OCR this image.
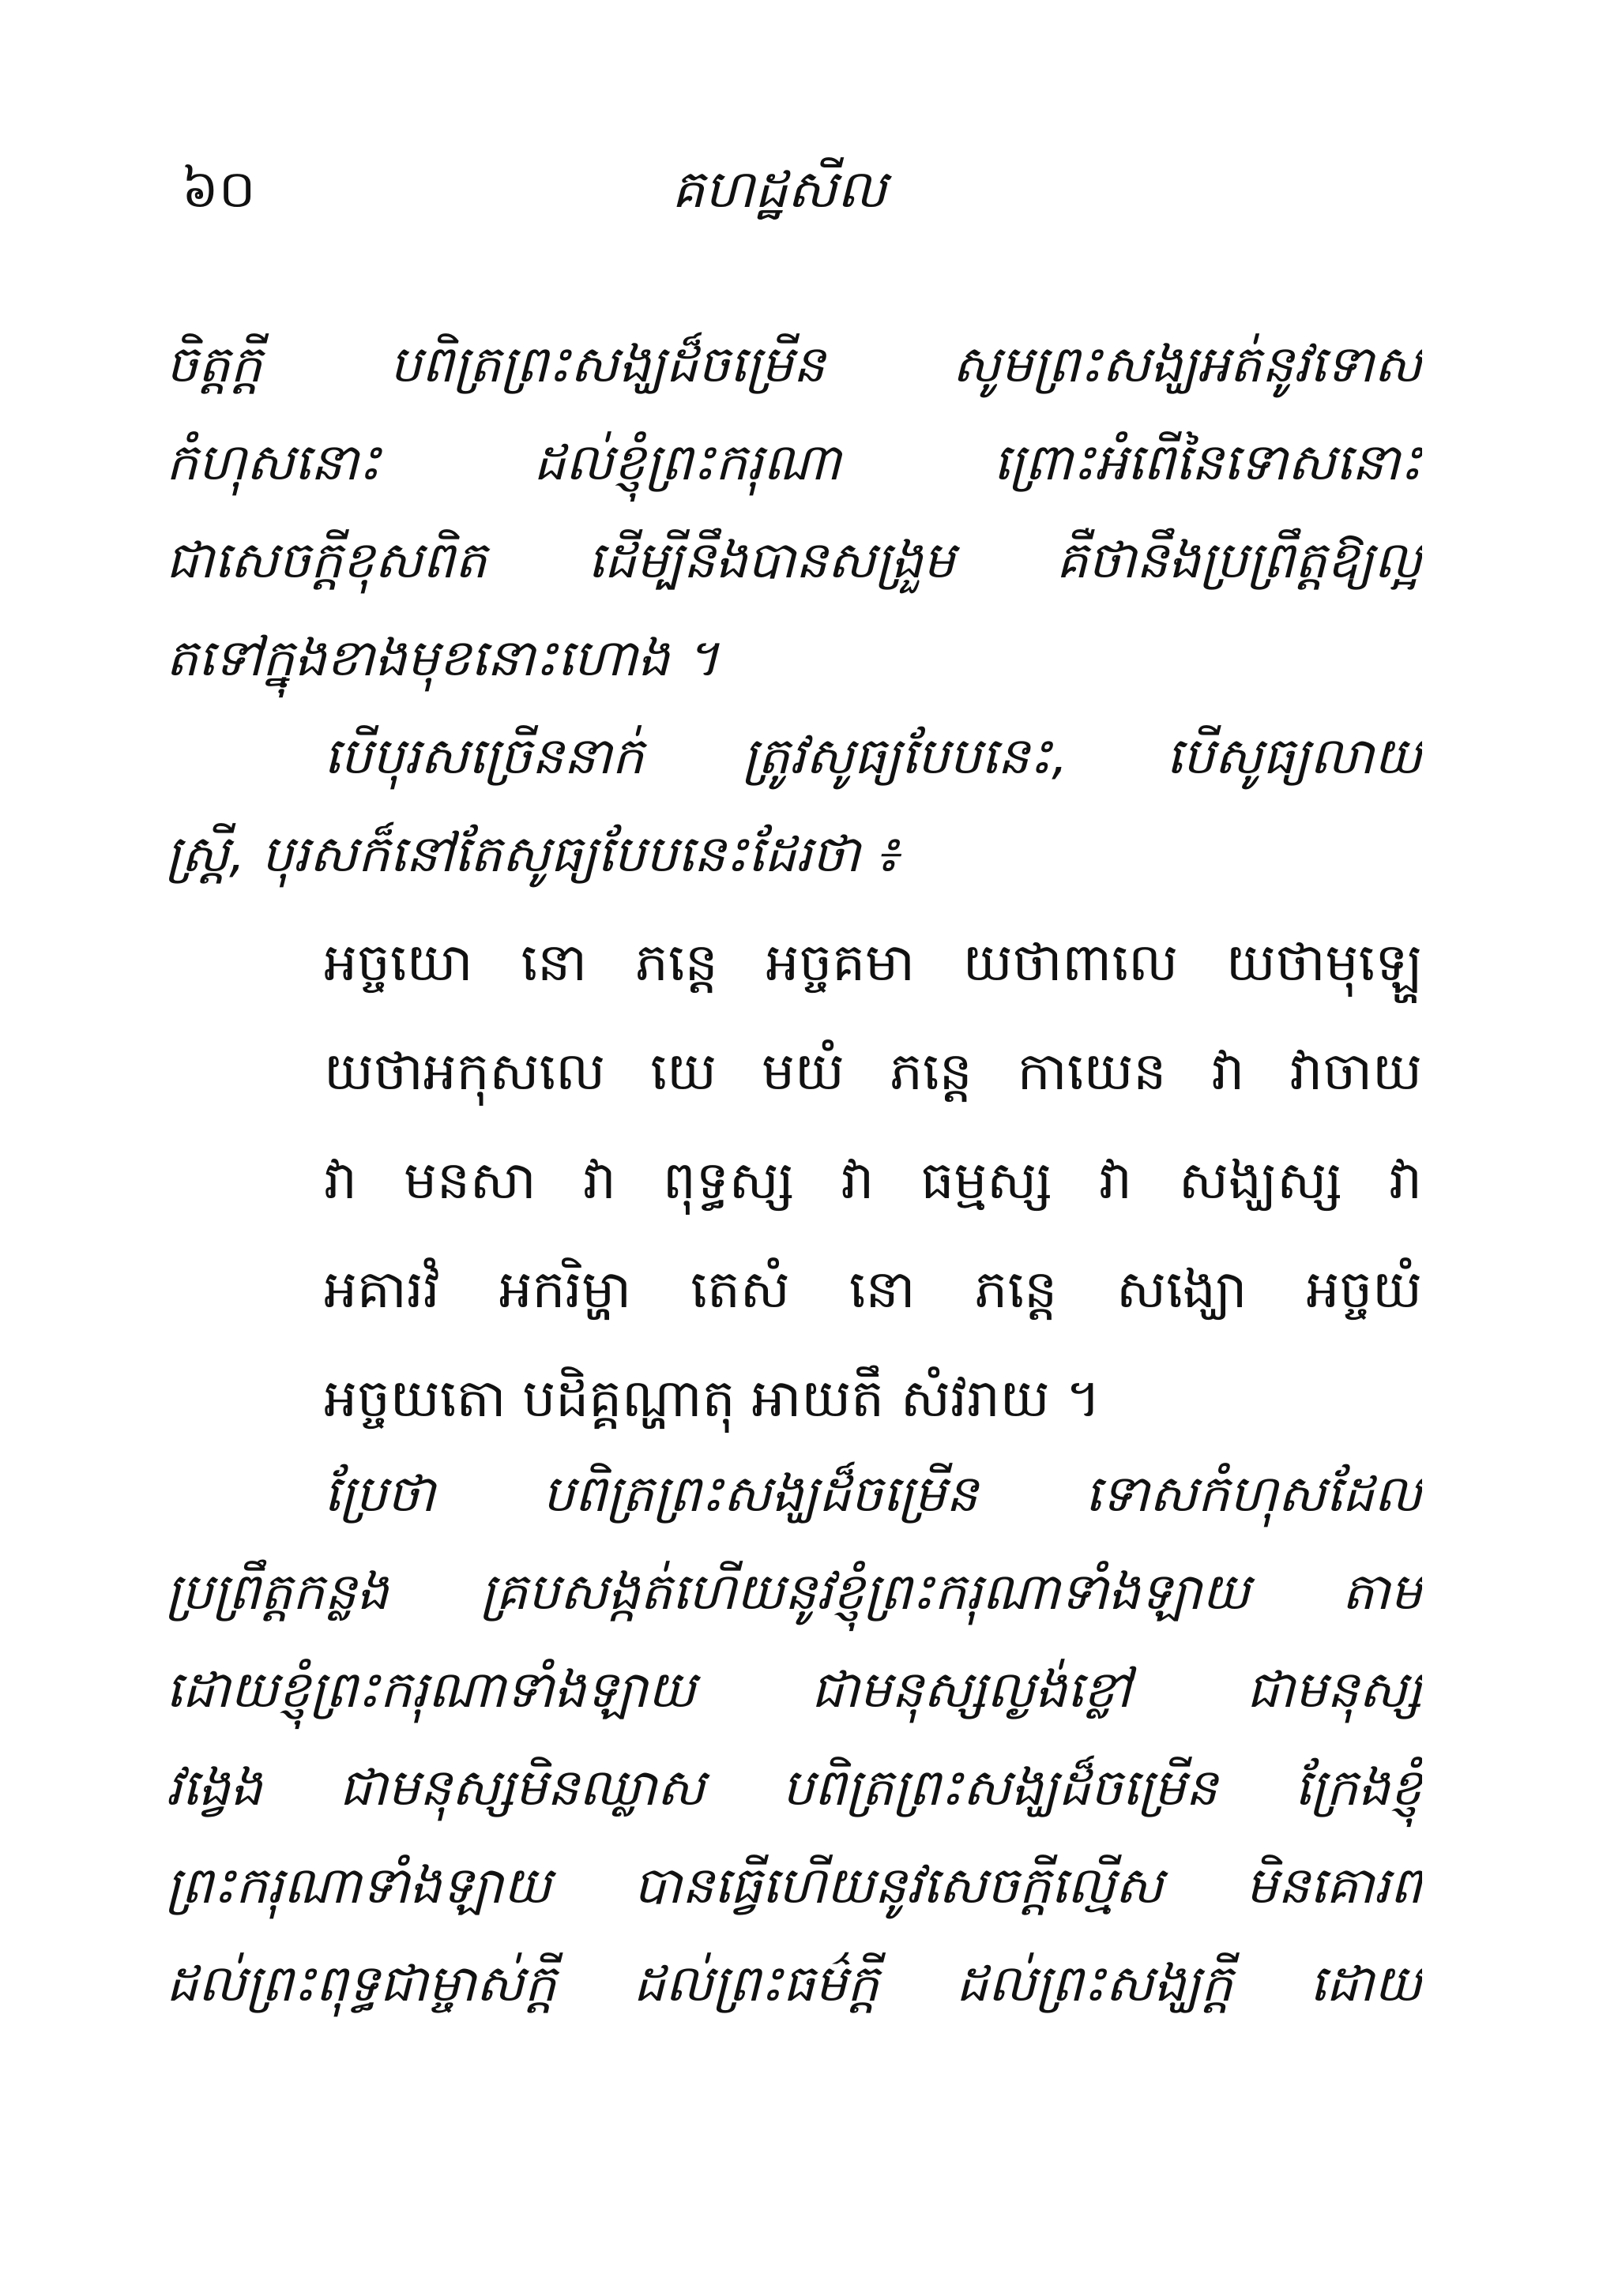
៦០	គហដ្ឋសីល
ចិត្តក្តី បពិត្រព្រះសង្ឃដ៏ចម្រើន សូមព្រះសង្ឃអត់នូវទោស
កំហុសនោះ ដល់ខ្ញុំព្រះករុណា ព្រោះអំពើនៃទោសនោះ
ជាសេចក្តីខុសពិត ដើម្បីនឹងបានសង្រួម គឺថានឹងប្រព្រឹត្តឱ្យល្អ
តទៅក្នុងខាងមុខនោះហោង ។
បើបុរសច្រើននាក់ ត្រូវសូធ្យបែបនេះ, បើសូធ្យលាយ
ស្ត្រី, បុរសក៏នៅតែសូធ្យបែបនេះដែរថា ៖
អច្ចយោ នោ ភន្តេ អច្ចគមា យថាពាលេ យថាមុឡ្ហេ
យថាអកុសលេ យេ មយំ ភន្តេ កាយេន វា វាចាយ
វា មនសា វា ពុទ្ធស្ស វា ធម្មស្ស វា សង្ឃស្ស វា
អគារវំ អករិម្ហា តេសំ នោ ភន្តេ សង្ឃោ អច្ចយំ
អច្ចយតោ បដិគ្គណ្ហាតុ អាយតឹ សំវរាយ ។
ប្រែថា បពិត្រព្រះសង្ឃដ៏ចម្រើន ទោសកំហុសដែល
ប្រព្រឹត្តកន្លង គ្របសង្កត់ហើយនូវខ្ញុំព្រះករុណាទាំងឡាយ តាម
ដោយខ្ញុំព្រះករុណាទាំងឡាយ ជាមនុស្សល្ងង់ខ្លៅ ជាមនុស្ស
វង្វេង ជាមនុស្សមិនឈ្លាស បពិត្រព្រះសង្ឃដ៏ចម្រើន ក្រែងខ្ញុំ
ព្រះករុណាទាំងឡាយ បានធ្វើហើយនូវសេចក្តីល្មើស មិនគោរព
ដល់ព្រះពុទ្ធជាម្ចាស់ក្តី ដល់ព្រះធម៌ក្តី ដល់ព្រះសង្ឃក្តី ដោយ
